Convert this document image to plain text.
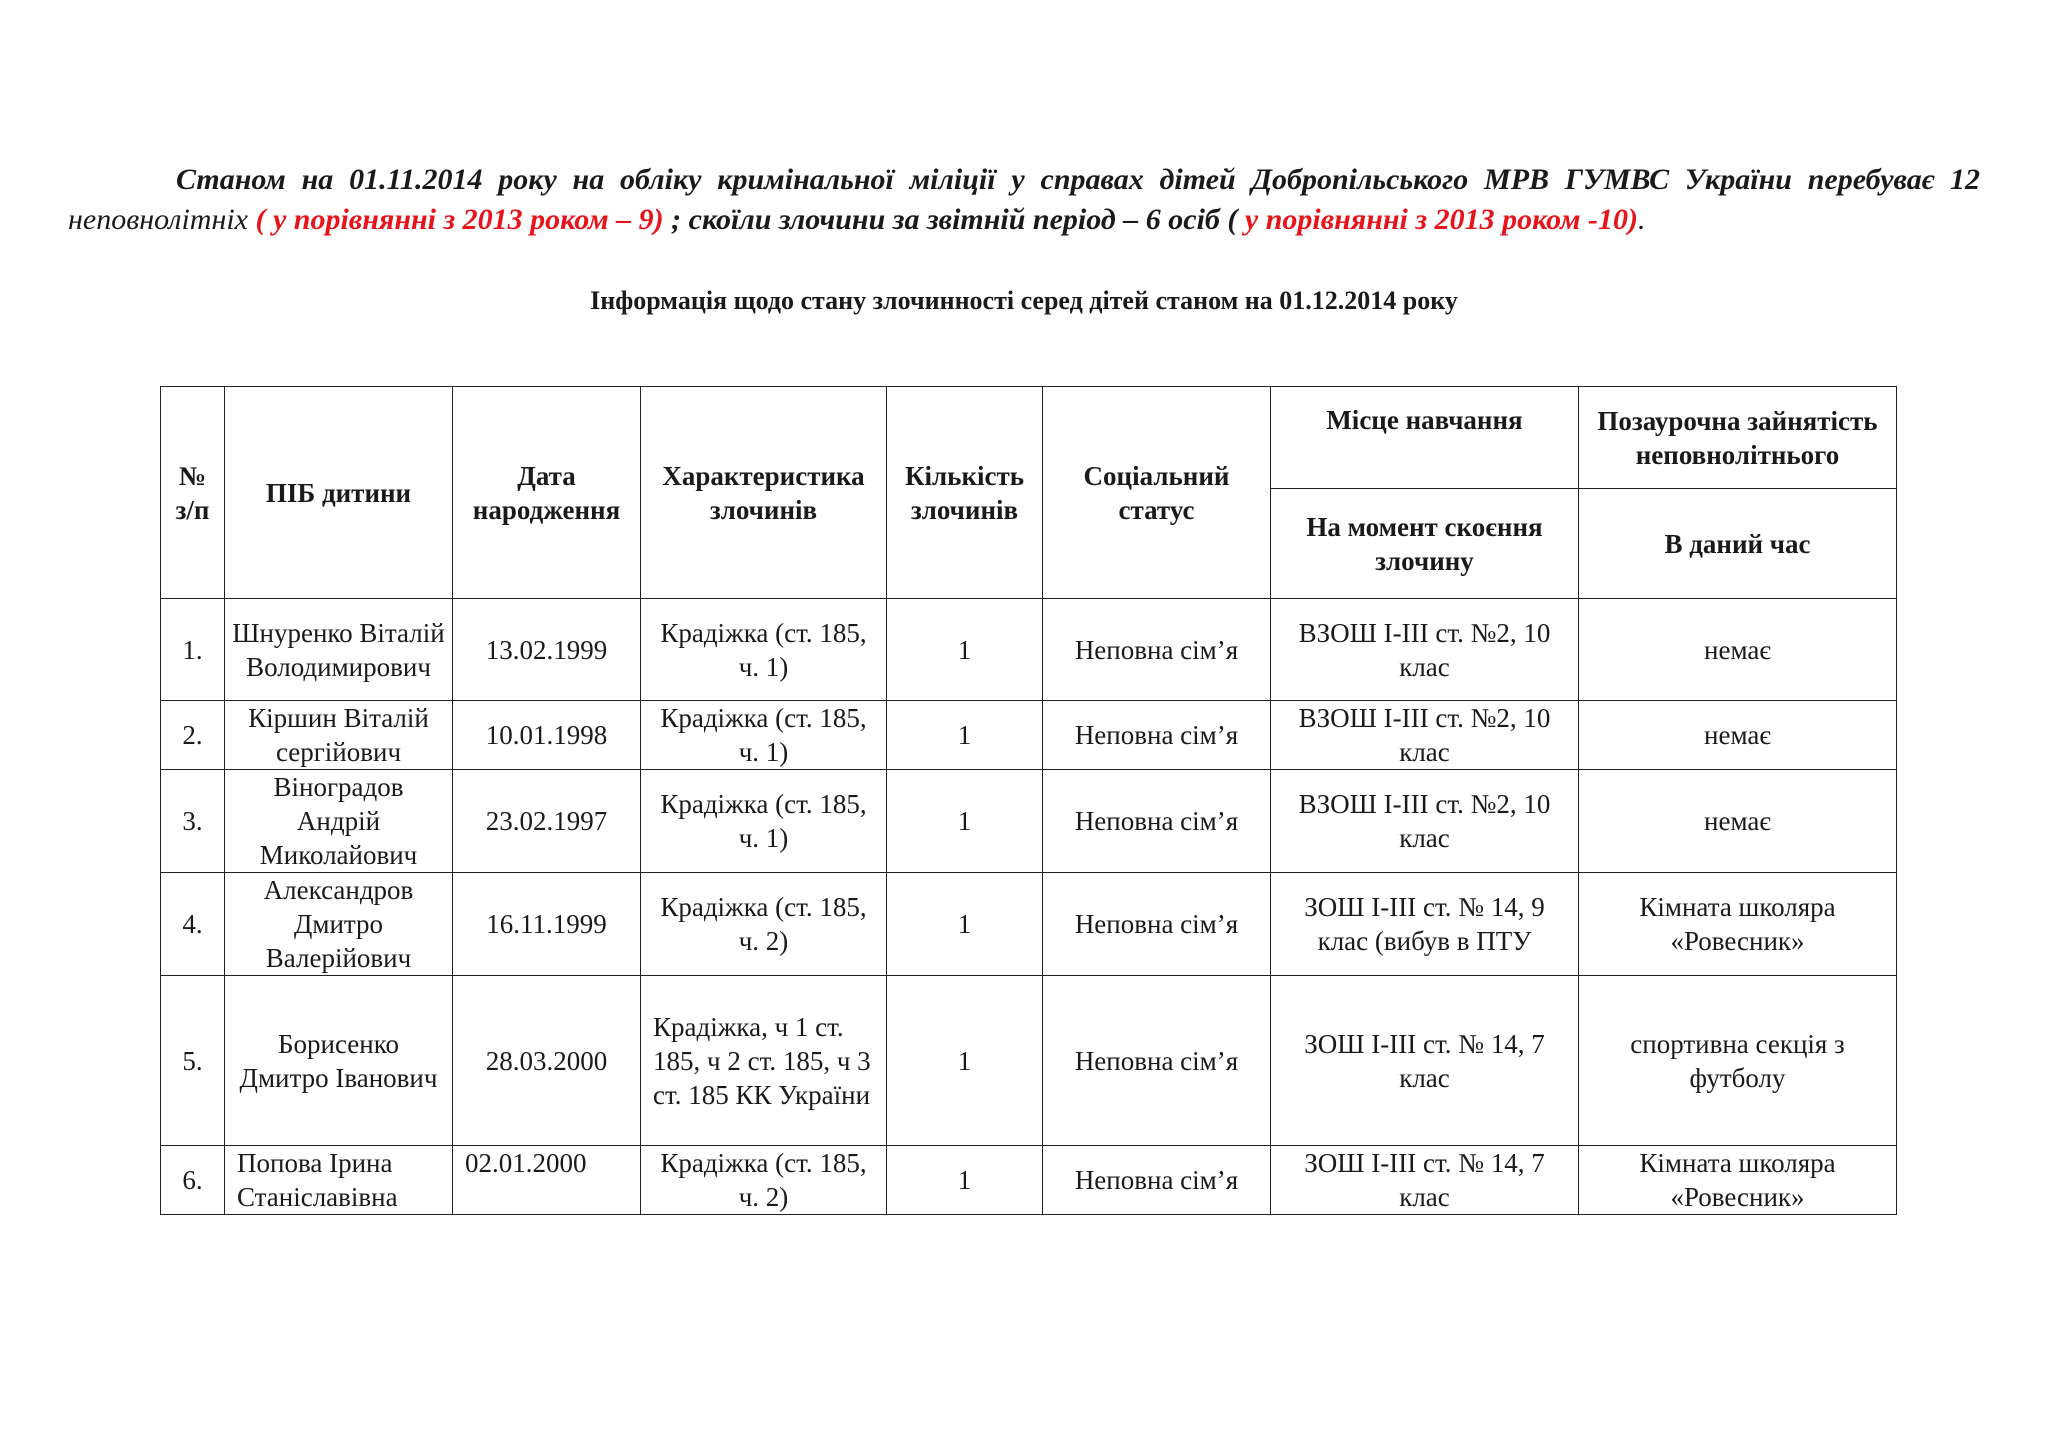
Станом на 01.11.2014 року на обліку кримінальної міліції у справах дітей Добропільського МРВ ГУМВС України перебуває 12 неповнолітніх ( у порівнянні з 2013 роком – 9) ; скоїли злочини за звітній період – 6 осіб ( у порівнянні з 2013 роком -10).

Інформація щодо стану злочинності серед дітей станом на 01.12.2014 року
№ з/п	ПІБ дитини	Дата народження	Характеристика злочинів	Кількість злочинів	Соціальний статус	Місце навчання	Позаурочна зайнятість неповнолітнього
						На момент скоєння злочину	В даний час
1.	Шнуренко Віталій Володимирович	13.02.1999	Крадіжка (ст. 185, ч. 1)	1	Неповна сім’я	ВЗОШ І-ІІІ ст. №2, 10 клас	немає
2.	Кіршин Віталій сергійович	10.01.1998	Крадіжка (ст. 185, ч. 1)	1	Неповна сім’я	ВЗОШ І-ІІІ ст. №2, 10 клас	немає
3.	Віноградов Андрій Миколайович	23.02.1997	Крадіжка (ст. 185, ч. 1)	1	Неповна сім’я	ВЗОШ І-ІІІ ст. №2, 10 клас	немає
4.	Александров Дмитро Валерійович	16.11.1999	Крадіжка (ст. 185, ч. 2)	1	Неповна сім’я	ЗОШ І-ІІІ ст. № 14, 9 клас (вибув в ПТУ	Кімната школяра «Ровесник»
5.	Борисенко Дмитро Іванович	28.03.2000	Крадіжка, ч 1 ст. 185, ч 2 ст. 185, ч 3 ст. 185 КК України	1	Неповна сім’я	ЗОШ І-ІІІ ст. № 14, 7 клас	спортивна секція з футболу
6.	Попова Ірина Станіславівна	02.01.2000	Крадіжка (ст. 185, ч. 2)	1	Неповна сім’я	ЗОШ І-ІІІ ст. № 14, 7 клас	Кімната школяра «Ровесник»
